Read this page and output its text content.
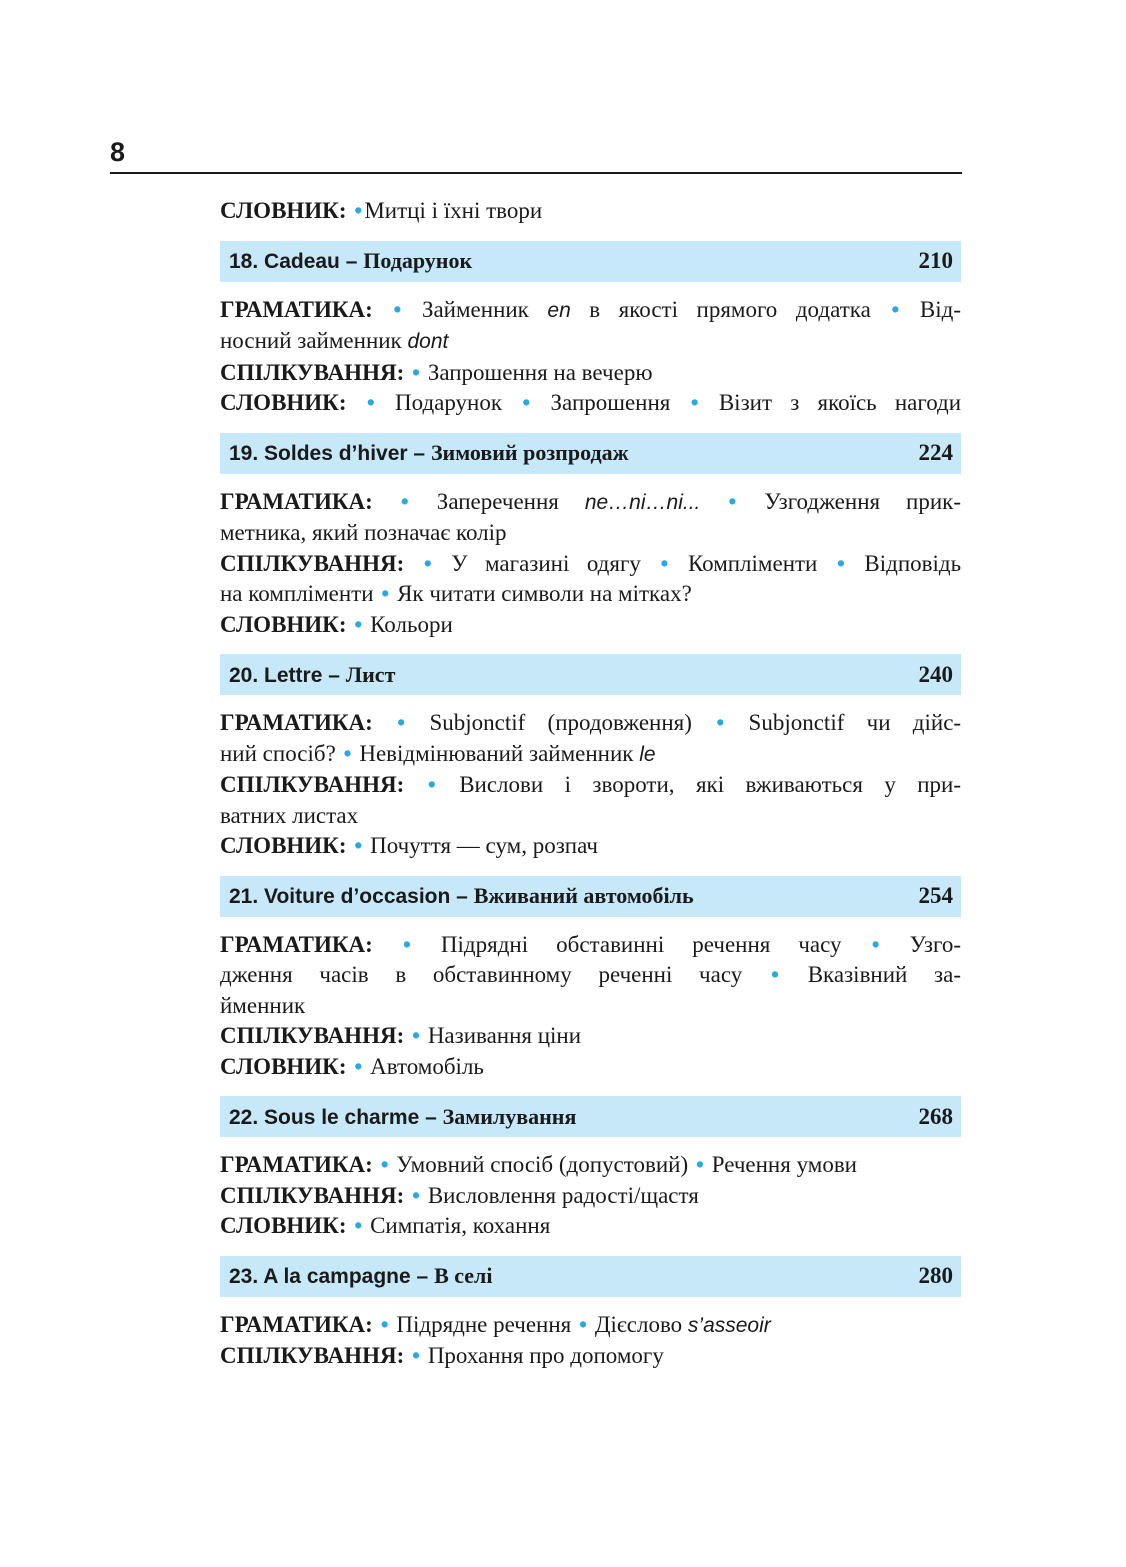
8
СЛОВНИК: •Митці і їхні твори
18. Cadeau – Подарунок	210
ГРАМАТИКА: • Займенник en в якості прямого додатка • Від-
носний займенник dont
СПІЛКУВАННЯ: • Запрошення на вечерю
СЛОВНИК: • Подарунок • Запрошення • Візит з якоїсь нагоди
19. Soldes d’hiver – Зимовий розпродаж	224
ГРАМАТИКА: • Заперечення ne…ni…ni... • Узгодження прик-
метника, який позначає колір
СПІЛКУВАННЯ: • У магазині одягу • Компліменти • Відповідь
на компліменти • Як читати символи на мітках?
СЛОВНИК: • Кольори
20. Lettre – Лист	240
ГРАМАТИКА: • Subjonctif (продовження) • Subjonctif чи дійс-
ний спосіб? • Невідмінюваний займенник le
СПІЛКУВАННЯ: • Вислови і звороти, які вживаються у при-
ватних листах
СЛОВНИК: • Почуття — сум, розпач
21. Voiture d’occasion – Вживаний автомобіль	254
ГРАМАТИКА: • Підрядні обставинні речення часу • Узго-
дження часів в обставинному реченні часу • Вказівний за-
йменник
СПІЛКУВАННЯ: • Називання ціни
СЛОВНИК: • Автомобіль
22. Sous le charme – Замилування	268
ГРАМАТИКА: • Умовний спосіб (допустовий) • Речення умови
СПІЛКУВАННЯ: • Висловлення радості/щастя
СЛОВНИК: • Симпатія, кохання
23. A la campagne – В селі	280
ГРАМАТИКА: • Підрядне речення • Дієслово s’asseoir
СПІЛКУВАННЯ: • Прохання про допомогу
